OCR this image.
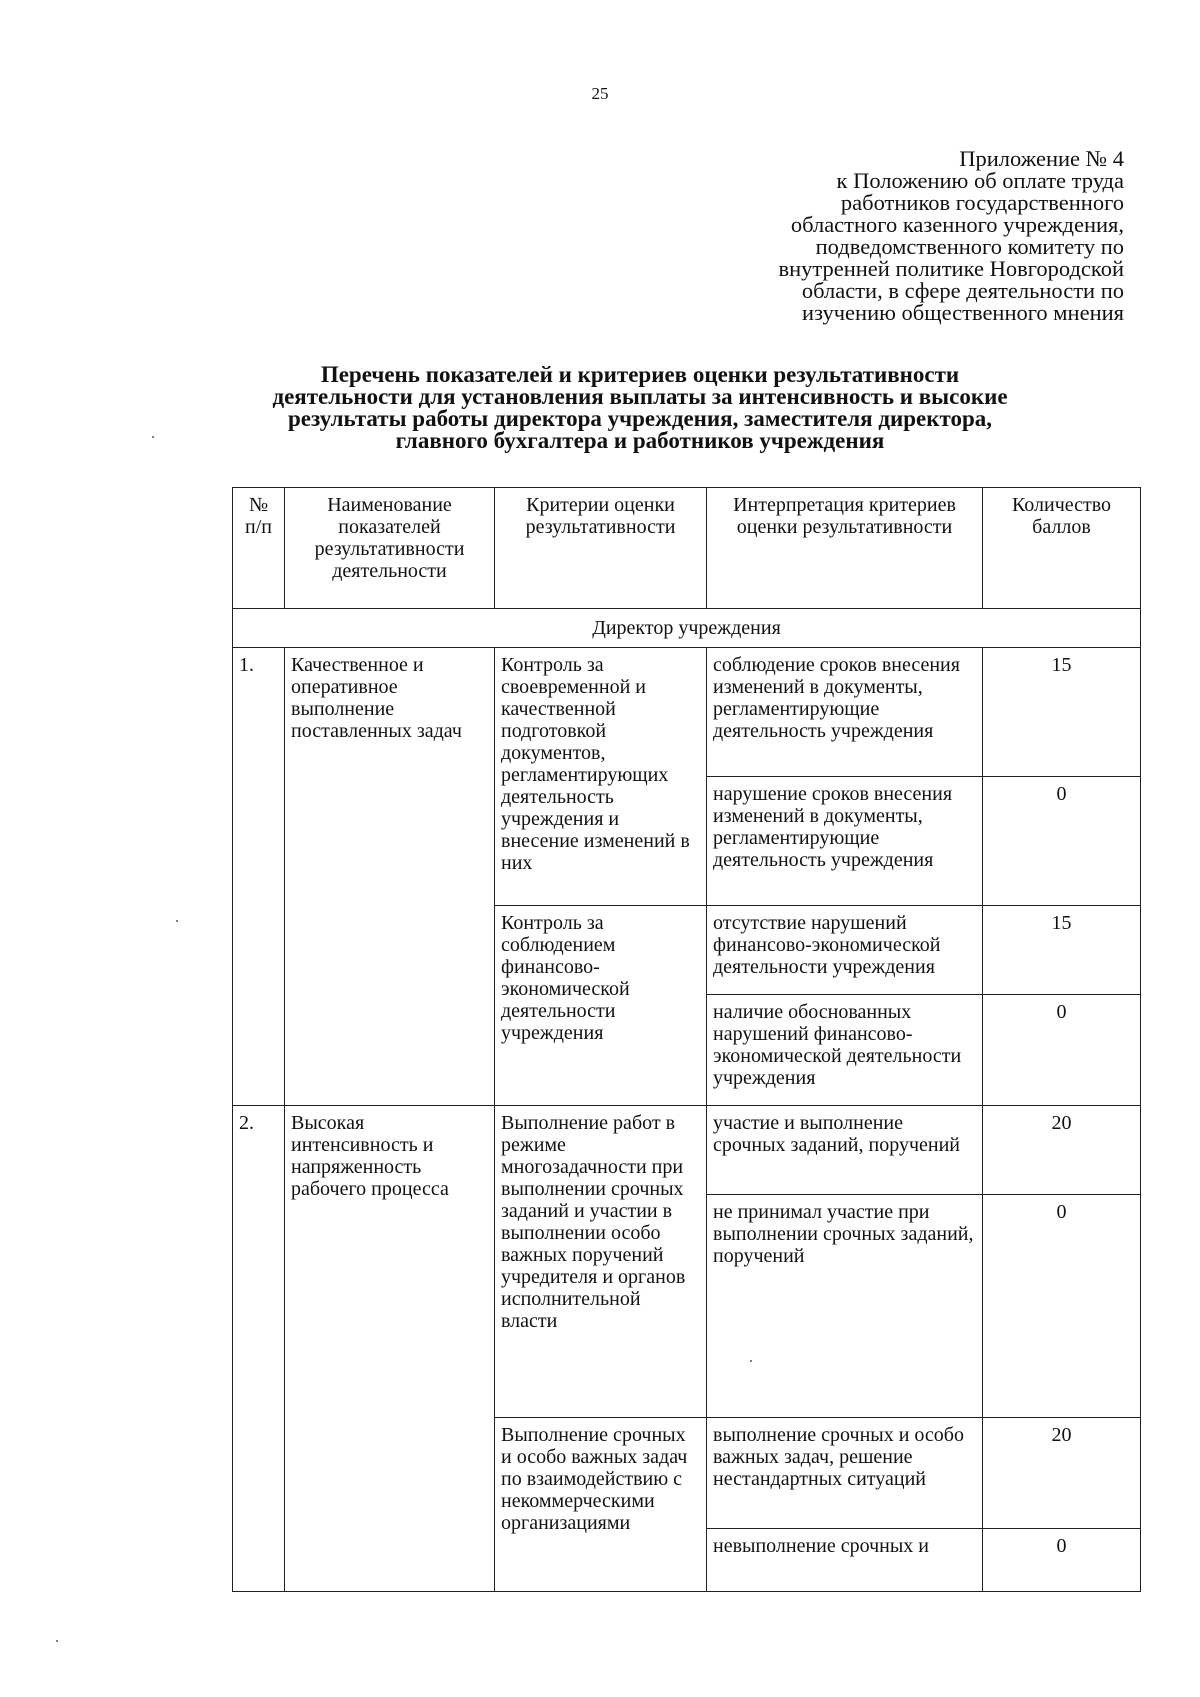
25
Приложение № 4
к Положению об оплате труда
работников государственного
областного казенного учреждения,
подведомственного комитету по
внутренней политике Новгородской
области, в сфере деятельности по
изучению общественного мнения
Перечень показателей и критериев оценки результативности
деятельности для установления выплаты за интенсивность и высокие
результаты работы директора учреждения, заместителя директора,
главного бухгалтера и работников учреждения
№ п/п	Наименование показателей результативности деятельности	Критерии оценки результативности	Интерпретация критериев оценки результативности	Количество баллов
Директор учреждения				
1.	Качественное и оперативное выполнение поставленных задач	Контроль за своевременной и качественной подготовкой документов, регламентирующих деятельность учреждения и внесение изменений в них	соблюдение сроков внесения изменений в документы, регламентирующие деятельность учреждения	15
			нарушение сроков внесения изменений в документы, регламентирующие деятельность учреждения	0
		Контроль за соблюдением финансово-экономической деятельности учреждения	отсутствие нарушений финансово-экономической деятельности учреждения	15
			наличие обоснованных нарушений финансово-экономической деятельности учреждения	0
2.	Высокая интенсивность и напряженность рабочего процесса	Выполнение работ в режиме многозадачности при выполнении срочных заданий и участии в выполнении особо важных поручений учредителя и органов исполнительной власти	участие и выполнение срочных заданий, поручений	20
			не принимал участие при выполнении срочных заданий, поручений	0
		Выполнение срочных и особо важных задач по взаимодействию с некоммерческими организациями	выполнение срочных и особо важных задач, решение нестандартных ситуаций	20
			невыполнение срочных и	0
